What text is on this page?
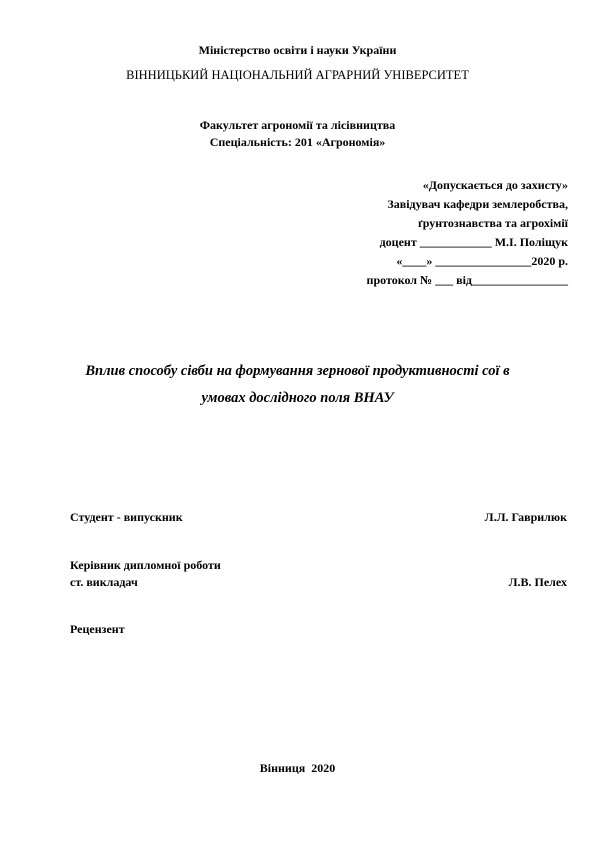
Міністерство освіти і науки України
ВІННИЦЬКИЙ НАЦІОНАЛЬНИЙ АГРАРНИЙ УНІВЕРСИТЕТ
Факультет агрономії та лісівництва
Спеціальність: 201 «Агрономія»
«Допускається до захисту»
Завідувач кафедри землеробства,
ґрунтознавства та агрохімії
доцент ____________ М.І. Поліщук
«____» ________________2020 р.
протокол № ___ від________________
Вплив способу сівби на формування зернової продуктивності сої в
умовах дослідного поля ВНАУ
Студент - випускник	Л.Л. Гаврилюк
Керівник дипломної роботи
ст. викладач	Л.В. Пелех
Рецензент
Вінниця  2020
